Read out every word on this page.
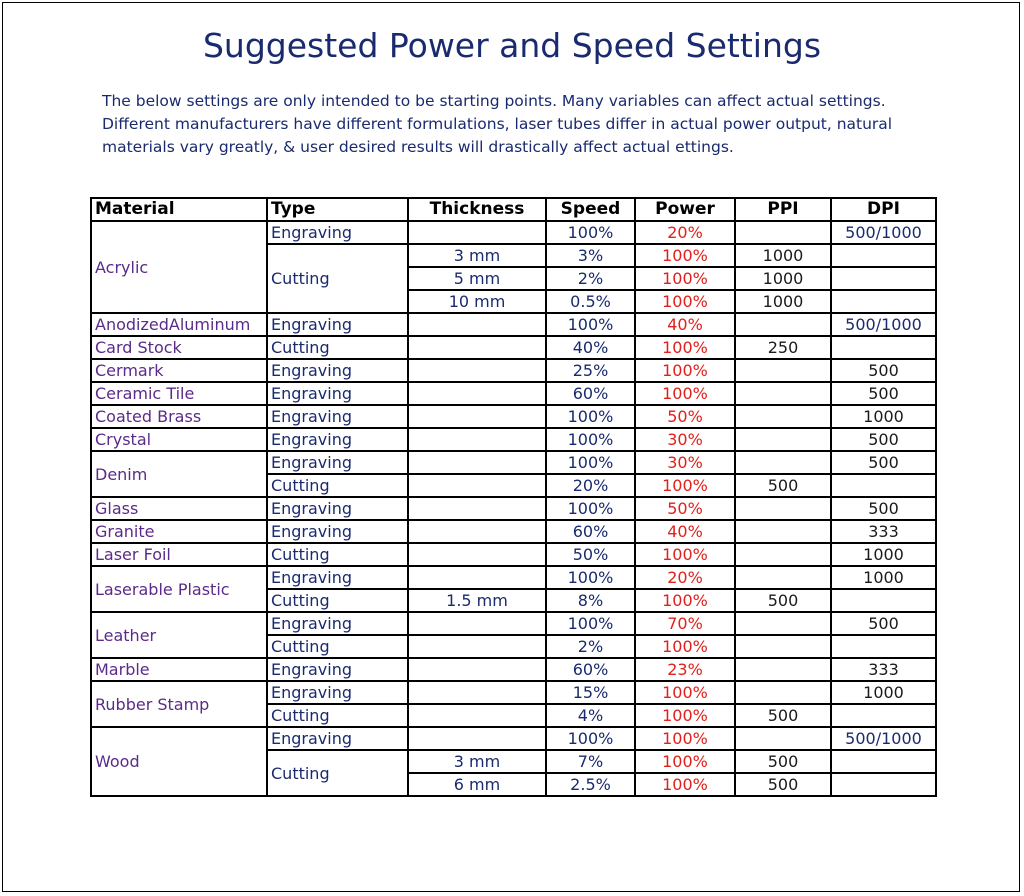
Suggested Power and Speed Settings
The below settings are only intended to be starting points. Many variables can affect actual settings.
Different manufacturers have different formulations, laser tubes differ in actual power output, natural
materials vary greatly, & user desired results will drastically affect actual ettings.
Material	Type	Thickness	Speed	Power	PPI	DPI
Acrylic	Engraving		100%	20%		500/1000
	Cutting	3 mm	3%	100%	1000	
		5 mm	2%	100%	1000	
		10 mm	0.5%	100%	1000	
AnodizedAluminum	Engraving		100%	40%		500/1000
Card Stock	Cutting		40%	100%	250	
Cermark	Engraving		25%	100%		500
Ceramic Tile	Engraving		60%	100%		500
Coated Brass	Engraving		100%	50%		1000
Crystal	Engraving		100%	30%		500
Denim	Engraving		100%	30%		500
	Cutting		20%	100%	500	
Glass	Engraving		100%	50%		500
Granite	Engraving		60%	40%		333
Laser Foil	Cutting		50%	100%		1000
Laserable Plastic	Engraving		100%	20%		1000
	Cutting	1.5 mm	8%	100%	500	
Leather	Engraving		100%	70%		500
	Cutting		2%	100%		
Marble	Engraving		60%	23%		333
Rubber Stamp	Engraving		15%	100%		1000
	Cutting		4%	100%	500	
Wood	Engraving		100%	100%		500/1000
	Cutting	3 mm	7%	100%	500	
		6 mm	2.5%	100%	500	
